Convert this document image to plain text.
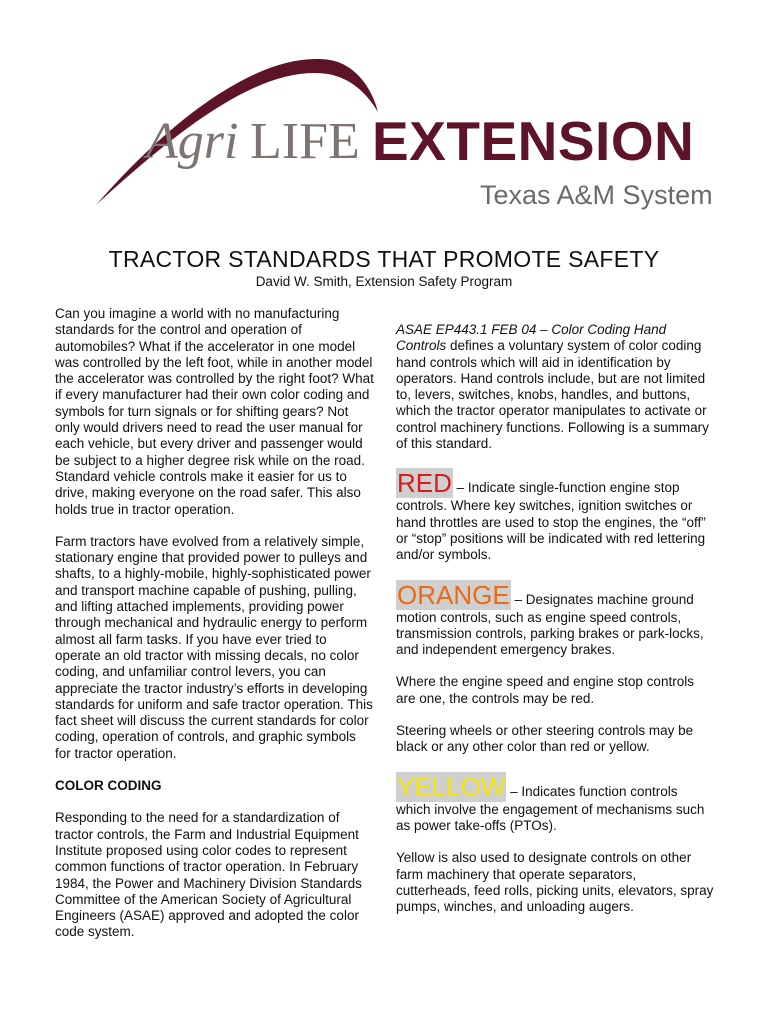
Agri LIFE EXTENSION
Texas A&M System
TRACTOR STANDARDS THAT PROMOTE SAFETY
David W. Smith, Extension Safety Program

Can you imagine a world with no manufacturing standards for the control and operation of automobiles? What if the accelerator in one model was controlled by the left foot, while in another model the accelerator was controlled by the right foot? What if every manufacturer had their own color coding and symbols for turn signals or for shifting gears? Not only would drivers need to read the user manual for each vehicle, but every driver and passenger would be subject to a higher degree risk while on the road. Standard vehicle controls make it easier for us to drive, making everyone on the road safer. This also holds true in tractor operation.

Farm tractors have evolved from a relatively simple, stationary engine that provided power to pulleys and shafts, to a highly-mobile, highly-sophisticated power and transport machine capable of pushing, pulling, and lifting attached implements, providing power through mechanical and hydraulic energy to perform almost all farm tasks. If you have ever tried to operate an old tractor with missing decals, no color coding, and unfamiliar control levers, you can appreciate the tractor industry’s efforts in developing standards for uniform and safe tractor operation. This fact sheet will discuss the current standards for color coding, operation of controls, and graphic symbols for tractor operation.

COLOR CODING

Responding to the need for a standardization of tractor controls, the Farm and Industrial Equipment Institute proposed using color codes to represent common functions of tractor operation. In February 1984, the Power and Machinery Division Standards Committee of the American Society of Agricultural Engineers (ASAE) approved and adopted the color code system.

ASAE EP443.1 FEB 04 – Color Coding Hand Controls defines a voluntary system of color coding hand controls which will aid in identification by operators. Hand controls include, but are not limited to, levers, switches, knobs, handles, and buttons, which the tractor operator manipulates to activate or control machinery functions. Following is a summary of this standard.

RED – Indicate single-function engine stop controls. Where key switches, ignition switches or hand throttles are used to stop the engines, the “off” or “stop” positions will be indicated with red lettering and/or symbols.

ORANGE – Designates machine ground motion controls, such as engine speed controls, transmission controls, parking brakes or park-locks, and independent emergency brakes.

Where the engine speed and engine stop controls are one, the controls may be red.

Steering wheels or other steering controls may be black or any other color than red or yellow.

YELLOW – Indicates function controls which involve the engagement of mechanisms such as power take-offs (PTOs).

Yellow is also used to designate controls on other farm machinery that operate separators, cutterheads, feed rolls, picking units, elevators, spray pumps, winches, and unloading augers.
